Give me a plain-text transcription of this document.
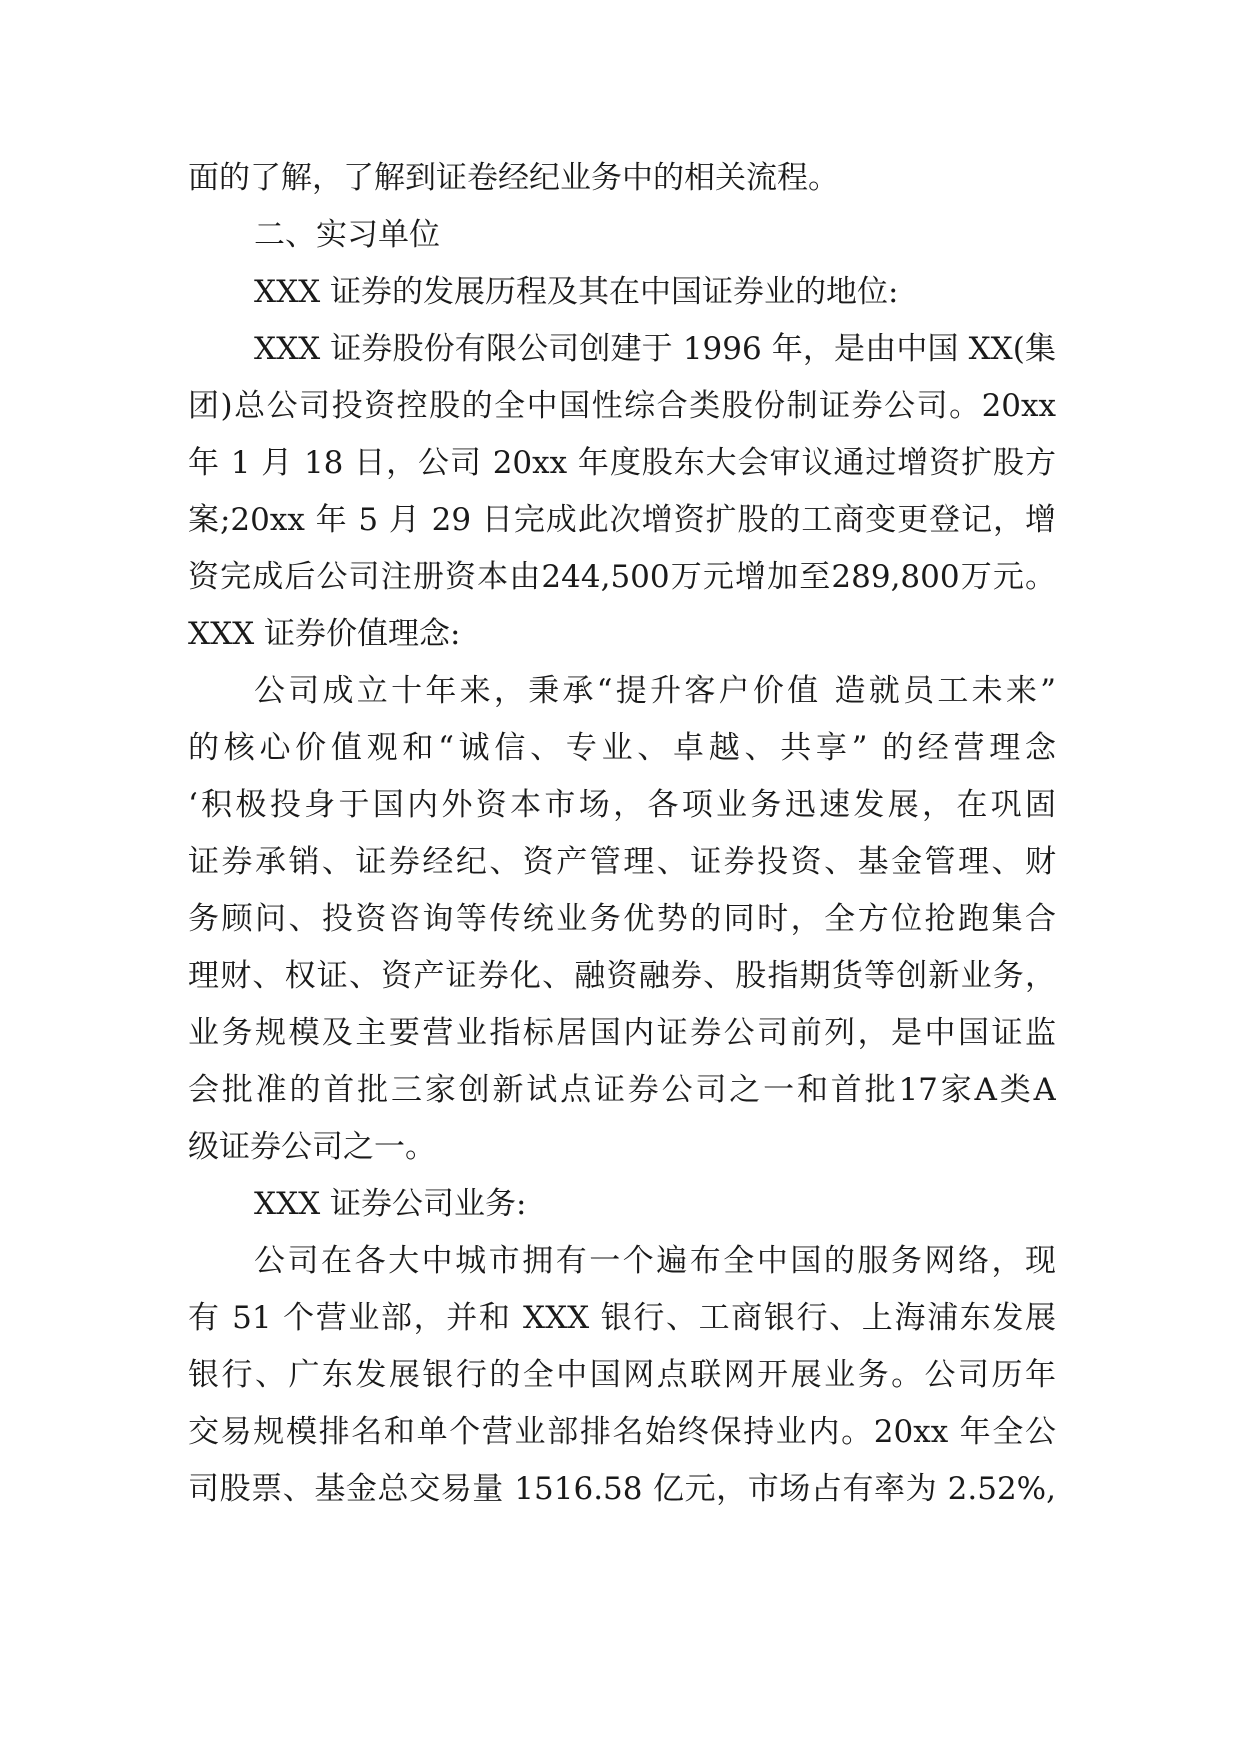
面的了解，了解到证卷经纪业务中的相关流程。
二、实习单位
XXX 证券的发展历程及其在中国证券业的地位:
XXX 证券股份有限公司创建于 1996 年，是由中国 XX(集
团)总公司投资控股的全中国性综合类股份制证券公司。20xx
年 1 月 18 日，公司 20xx 年度股东大会审议通过增资扩股方
案;20xx 年 5 月 29 日完成此次增资扩股的工商变更登记，增
资完成后公司注册资本由244,500万元增加至289,800万元。
XXX 证券价值理念:
公司成立十年来，秉承“提升客户价值 造就员工未来”
的核心价值观和“诚信、专业、卓越、共享” 的经营理念
‘积极投身于国内外资本市场，各项业务迅速发展，在巩固
证券承销、证券经纪、资产管理、证券投资、基金管理、财
务顾问、投资咨询等传统业务优势的同时，全方位抢跑集合
理财、权证、资产证券化、融资融券、股指期货等创新业务，
业务规模及主要营业指标居国内证券公司前列，是中国证监
会批准的首批三家创新试点证券公司之一和首批17家A类A
级证券公司之一。
XXX 证券公司业务:
公司在各大中城市拥有一个遍布全中国的服务网络，现
有 51 个营业部，并和 XXX 银行、工商银行、上海浦东发展
银行、广东发展银行的全中国网点联网开展业务。公司历年
交易规模排名和单个营业部排名始终保持业内。20xx 年全公
司股票、基金总交易量 1516.58 亿元，市场占有率为 2.52%,
